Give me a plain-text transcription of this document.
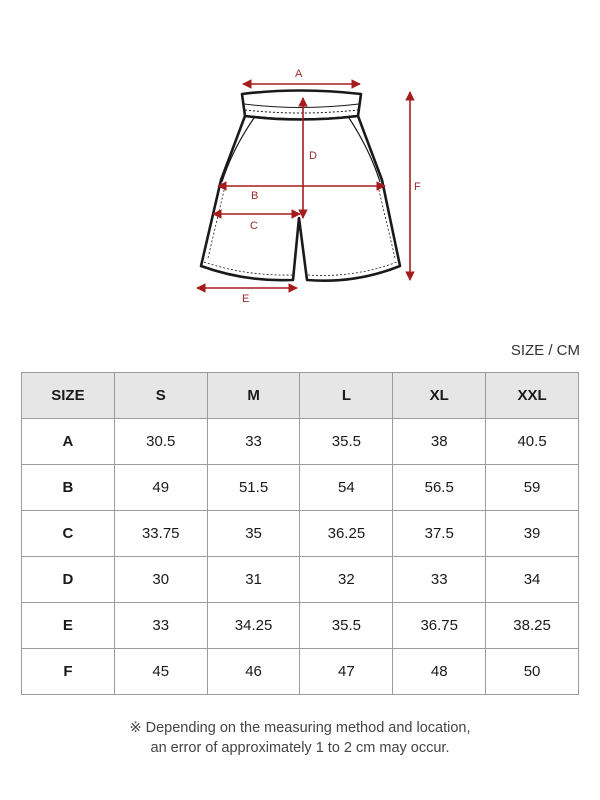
A
B
C
D
E
F
SIZE / CM
SIZE	S	M	L	XL	XXL
A	30.5	33	35.5	38	40.5
B	49	51.5	54	56.5	59
C	33.75	35	36.25	37.5	39
D	30	31	32	33	34
E	33	34.25	35.5	36.75	38.25
F	45	46	47	48	50
※ Depending on the measuring method and location,
an error of approximately 1 to 2 cm may occur.
